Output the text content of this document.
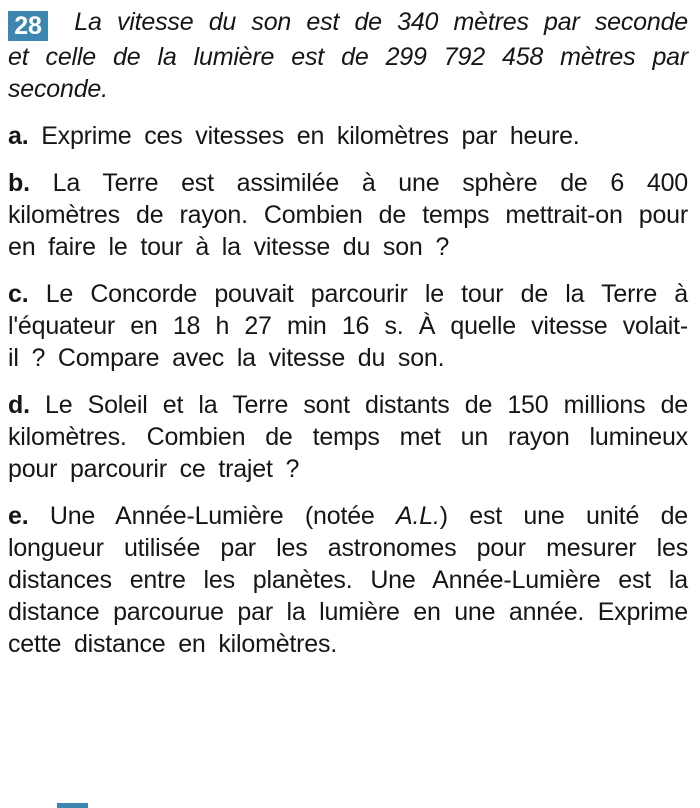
28 La vitesse du son est de 340 mètres par seconde et celle de la lumière est de 299 792 458 mètres par seconde.

a. Exprime ces vitesses en kilomètres par heure.

b. La Terre est assimilée à une sphère de 6 400 kilomètres de rayon. Combien de temps mettrait-on pour en faire le tour à la vitesse du son ?

c. Le Concorde pouvait parcourir le tour de la Terre à l'équateur en 18 h 27 min 16 s. À quelle vitesse volait-il ? Compare avec la vitesse du son.

d. Le Soleil et la Terre sont distants de 150 millions de kilomètres. Combien de temps met un rayon lumineux pour parcourir ce trajet ?

e. Une Année-Lumière (notée A.L.) est une unité de longueur utilisée par les astronomes pour mesurer les distances entre les planètes. Une Année-Lumière est la distance parcourue par la lumière en une année. Exprime cette distance en kilomètres.
